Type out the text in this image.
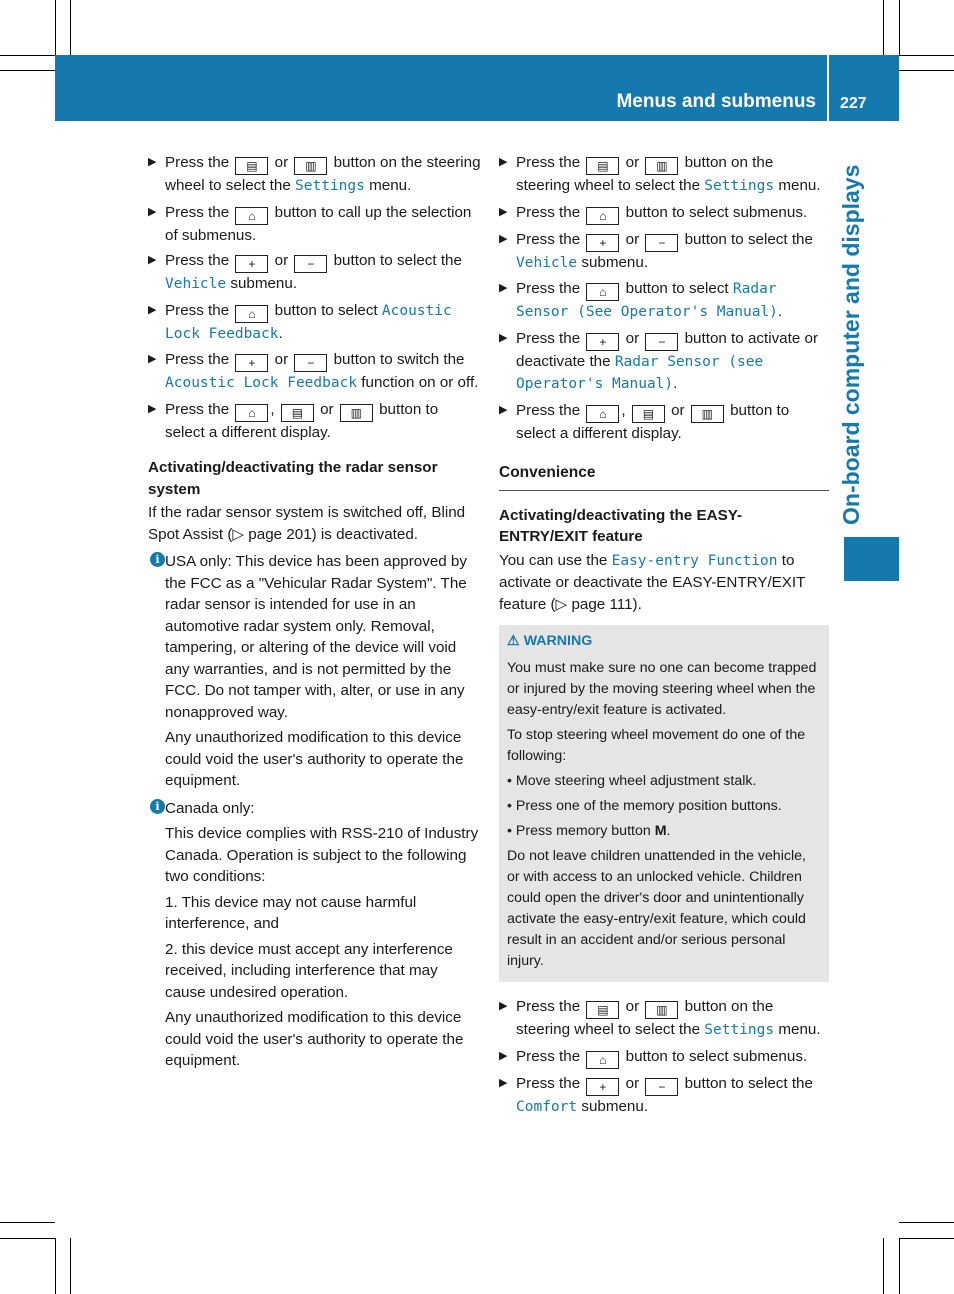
Menus and submenus 227
On-board computer and displays
▶ Press the ▤ or ▥ button on the steering wheel to select the Settings menu.
▶ Press the ⌂ button to call up the selection of submenus.
▶ Press the + or − button to select the Vehicle submenu.
▶ Press the ⌂ button to select Acoustic Lock Feedback.
▶ Press the + or − button to switch the Acoustic Lock Feedback function on or off.
▶ Press the ⌂ , ▤ or ▥ button to select a different display.
Activating/deactivating the radar sensor system
If the radar sensor system is switched off, Blind Spot Assist (▷ page 201) is deactivated.
i USA only: This device has been approved by the FCC as a "Vehicular Radar System". The radar sensor is intended for use in an automotive radar system only. Removal, tampering, or altering of the device will void any warranties, and is not permitted by the FCC. Do not tamper with, alter, or use in any nonapproved way.
Any unauthorized modification to this device could void the user's authority to operate the equipment.
i Canada only:
This device complies with RSS-210 of Industry Canada. Operation is subject to the following two conditions:
1. This device may not cause harmful interference, and
2. this device must accept any interference received, including interference that may cause undesired operation.
Any unauthorized modification to this device could void the user's authority to operate the equipment.
▶ Press the ▤ or ▥ button on the steering wheel to select the Settings menu.
▶ Press the ⌂ button to select submenus.
▶ Press the + or − button to select the Vehicle submenu.
▶ Press the ⌂ button to select Radar Sensor (See Operator's Manual).
▶ Press the + or − button to activate or deactivate the Radar Sensor (see Operator's Manual).
▶ Press the ⌂ , ▤ or ▥ button to select a different display.
Convenience
Activating/deactivating the EASY-ENTRY/EXIT feature
You can use the Easy-entry Function to activate or deactivate the EASY-ENTRY/EXIT feature (▷ page 111).
⚠ WARNING

You must make sure no one can become trapped or injured by the moving steering wheel when the easy-entry/exit feature is activated.

To stop steering wheel movement do one of the following:

• Move steering wheel adjustment stalk.

• Press one of the memory position buttons.

• Press memory button M.

Do not leave children unattended in the vehicle, or with access to an unlocked vehicle. Children could open the driver's door and unintentionally activate the easy-entry/exit feature, which could result in an accident and/or serious personal injury.

▶ Press the ▤ or ▥ button on the steering wheel to select the Settings menu.
▶ Press the ⌂ button to select submenus.
▶ Press the + or − button to select the Comfort submenu.
